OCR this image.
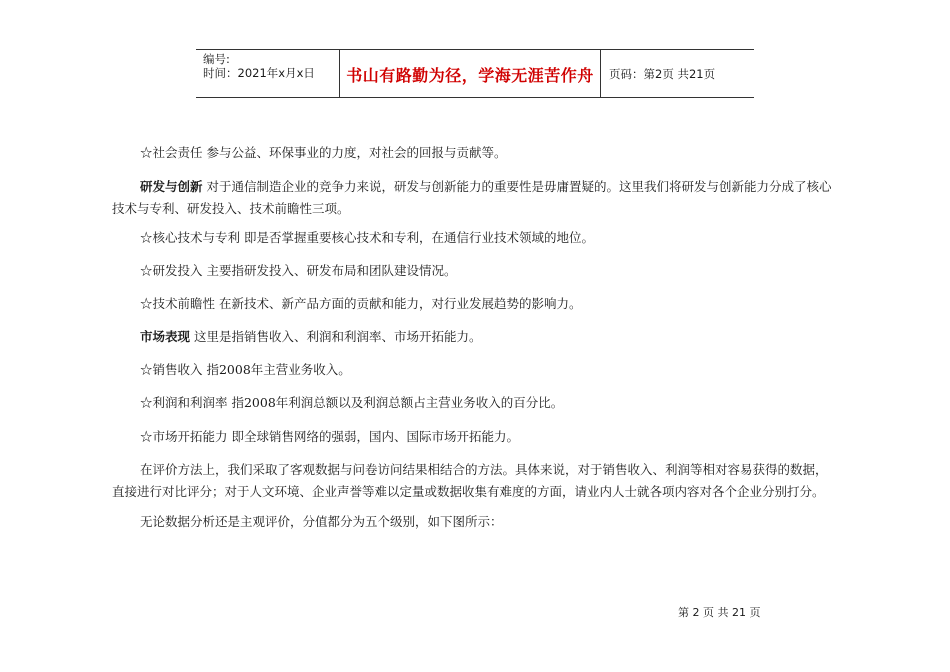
编号:
时间：2021年x月x日	书山有路勤为径，学海无涯苦作舟 页码：第2页 共21页

☆社会责任 参与公益、环保事业的力度，对社会的回报与贡献等。

研发与创新 对于通信制造企业的竞争力来说，研发与创新能力的重要性是毋庸置疑的。这里我们将研发与创新能力分成了核心技术与专利、研发投入、技术前瞻性三项。

☆核心技术与专利 即是否掌握重要核心技术和专利，在通信行业技术领域的地位。

☆研发投入 主要指研发投入、研发布局和团队建设情况。

☆技术前瞻性 在新技术、新产品方面的贡献和能力，对行业发展趋势的影响力。

市场表现 这里是指销售收入、利润和利润率、市场开拓能力。

☆销售收入 指2008年主营业务收入。

☆利润和利润率 指2008年利润总额以及利润总额占主营业务收入的百分比。

☆市场开拓能力 即全球销售网络的强弱，国内、国际市场开拓能力。

在评价方法上，我们采取了客观数据与问卷访问结果相结合的方法。具体来说，对于销售收入、利润等相对容易获得的数据，直接进行对比评分；对于人文环境、企业声誉等难以定量或数据收集有难度的方面，请业内人士就各项内容对各个企业分别打分。

无论数据分析还是主观评价，分值都分为五个级别，如下图所示：

第 2 页 共 21 页
